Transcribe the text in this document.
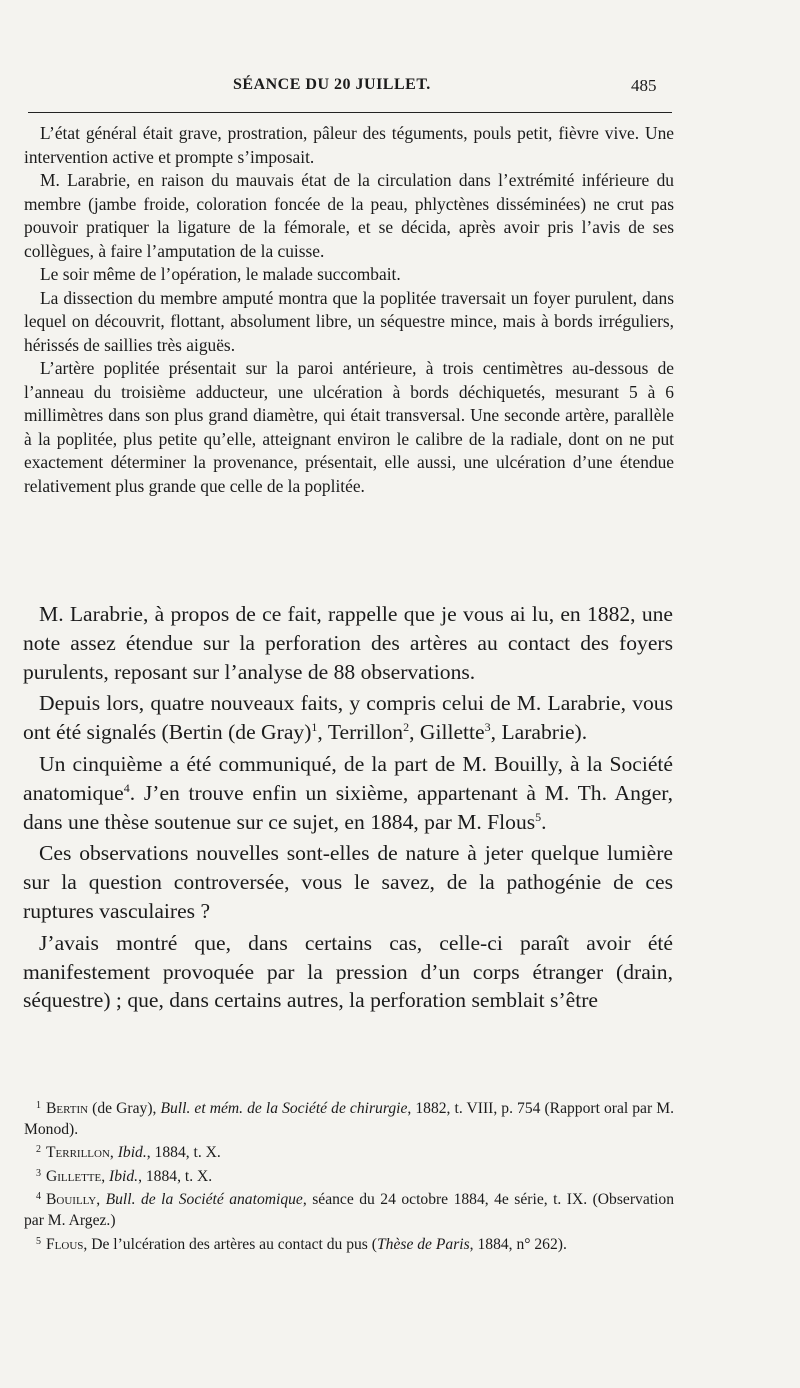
SÉANCE DU 20 JUILLET.	485

L’état général était grave, prostration, pâleur des téguments, pouls petit, fièvre vive. Une intervention active et prompte s’imposait.

M. Larabrie, en raison du mauvais état de la circulation dans l’extrémité inférieure du membre (jambe froide, coloration foncée de la peau, phlyctènes disséminées) ne crut pas pouvoir pratiquer la ligature de la fémorale, et se décida, après avoir pris l’avis de ses collègues, à faire l’amputation de la cuisse.

Le soir même de l’opération, le malade succombait.

La dissection du membre amputé montra que la poplitée traversait un foyer purulent, dans lequel on découvrit, flottant, absolument libre, un séquestre mince, mais à bords irréguliers, hérissés de saillies très aiguës.

L’artère poplitée présentait sur la paroi antérieure, à trois centimètres au-dessous de l’anneau du troisième adducteur, une ulcération à bords déchiquetés, mesurant 5 à 6 millimètres dans son plus grand diamètre, qui était transversal. Une seconde artère, parallèle à la poplitée, plus petite qu’elle, atteignant environ le calibre de la radiale, dont on ne put exactement déterminer la provenance, présentait, elle aussi, une ulcération d’une étendue relativement plus grande que celle de la poplitée.

M. Larabrie, à propos de ce fait, rappelle que je vous ai lu, en 1882, une note assez étendue sur la perforation des artères au contact des foyers purulents, reposant sur l’analyse de 88 observations.

Depuis lors, quatre nouveaux faits, y compris celui de M. Larabrie, vous ont été signalés (Bertin (de Gray)$^1$, Terrillon$^2$, Gillette$^3$, Larabrie).

Un cinquième a été communiqué, de la part de M. Bouilly, à la Société anatomique$^4$. J’en trouve enfin un sixième, appartenant à M. Th. Anger, dans une thèse soutenue sur ce sujet, en 1884, par M. Flous$^5$.

Ces observations nouvelles sont-elles de nature à jeter quelque lumière sur la question controversée, vous le savez, de la pathogénie de ces ruptures vasculaires ?

J’avais montré que, dans certains cas, celle-ci paraît avoir été manifestement provoquée par la pression d’un corps étranger (drain, séquestre) ; que, dans certains autres, la perforation semblait s’être

$^1$ Bertin (de Gray), Bull. et mém. de la Société de chirurgie, 1882, t. VIII, p. 754 (Rapport oral par M. Monod).

$^2$ Terrillon, Ibid., 1884, t. X.

$^3$ Gillette, Ibid., 1884, t. X.

$^4$ Bouilly, Bull. de la Société anatomique, séance du 24 octobre 1884, 4e série, t. IX. (Observation par M. Argez.)

$^5$ Flous, De l’ulcération des artères au contact du pus (Thèse de Paris, 1884, n° 262).
